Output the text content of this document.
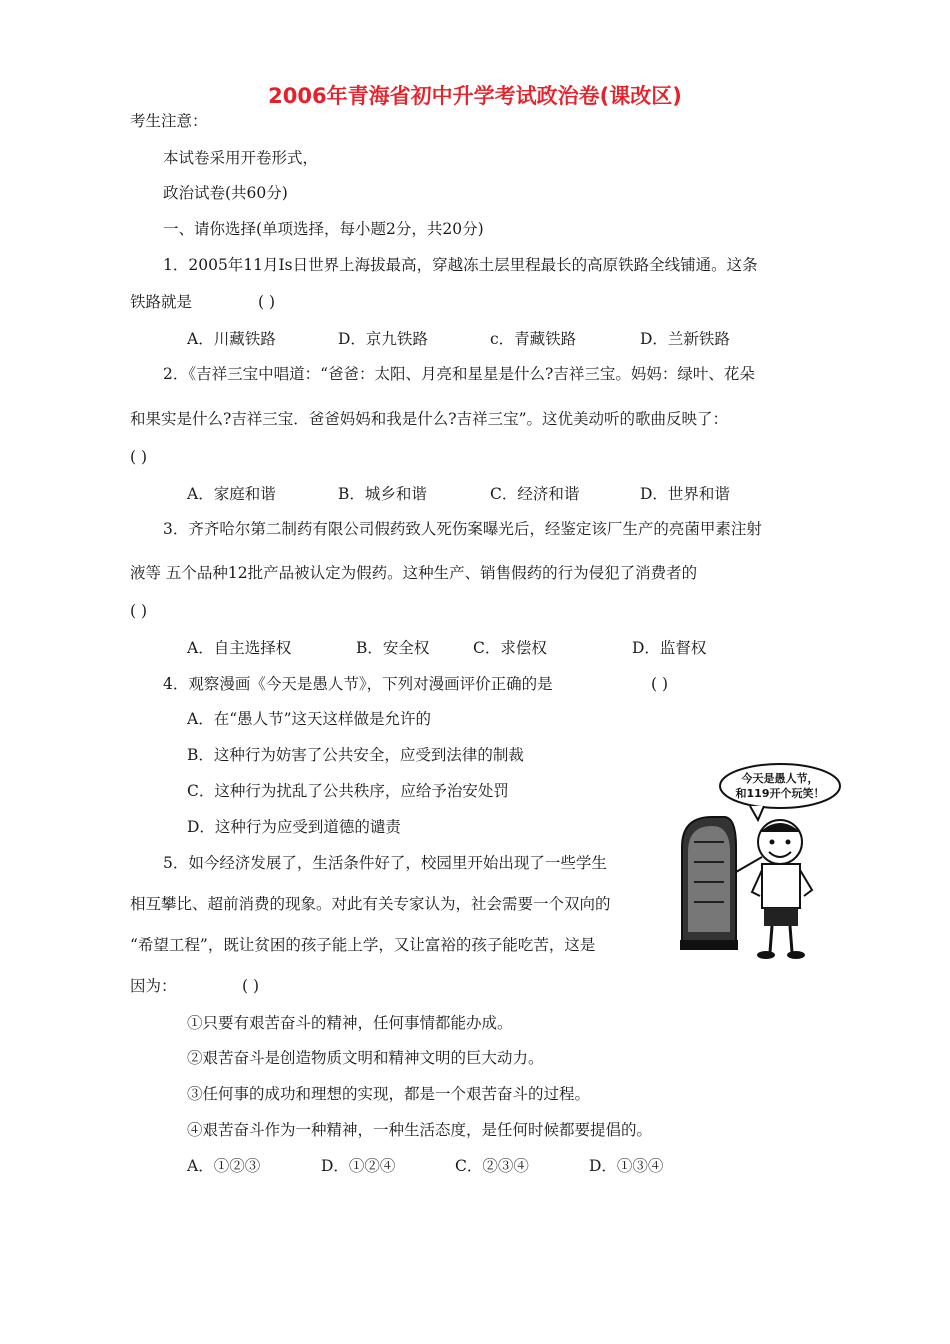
2006年青海省初中升学考试政治卷(课改区)
考生注意：
本试卷采用开卷形式，
政治试卷(共60分)
一、请你选择(单项选择，每小题2分，共20分)
1．2005年11月Is日世界上海拔最高，穿越冻土层里程最长的高原铁路全线铺通。这条
铁路就是	( )
A．川藏铁路	D．京九铁路	c．青藏铁路	D．兰新铁路
2．《吉祥三宝中唱道：“爸爸：太阳、月亮和星星是什么?吉祥三宝。妈妈：绿叶、花朵
和果实是什么?吉祥三宝．爸爸妈妈和我是什么?吉祥三宝”。这优美动听的歌曲反映了：
( )
A．家庭和谐	B．城乡和谐	C．经济和谐	D．世界和谐
3．齐齐哈尔第二制药有限公司假药致人死伤案曝光后，经鉴定该厂生产的亮菌甲素注射
液等 五个品种12批产品被认定为假药。这种生产、销售假药的行为侵犯了消费者的
( )
A．自主选择权	B．安全权	C．求偿权	D．监督权
4．观察漫画《今天是愚人节》，下列对漫画评价正确的是	( )
A．在“愚人节”这天这样做是允许的
B．这种行为妨害了公共安全，应受到法律的制裁
C．这种行为扰乱了公共秩序，应给予治安处罚
D．这种行为应受到道德的谴责
今天是愚人节，
和119开个玩笑！
5．如今经济发展了，生活条件好了，校园里开始出现了一些学生
相互攀比、超前消费的现象。对此有关专家认为，社会需要一个双向的
“希望工程”，既让贫困的孩子能上学，又让富裕的孩子能吃苦，这是
因为：	( )
①只要有艰苦奋斗的精神，任何事情都能办成。
②艰苦奋斗是创造物质文明和精神文明的巨大动力。
③任何事的成功和理想的实现，都是一个艰苦奋斗的过程。
④艰苦奋斗作为一种精神，一种生活态度，是任何时候都要提倡的。
A．①②③	D．①②④	C．②③④	D．①③④
